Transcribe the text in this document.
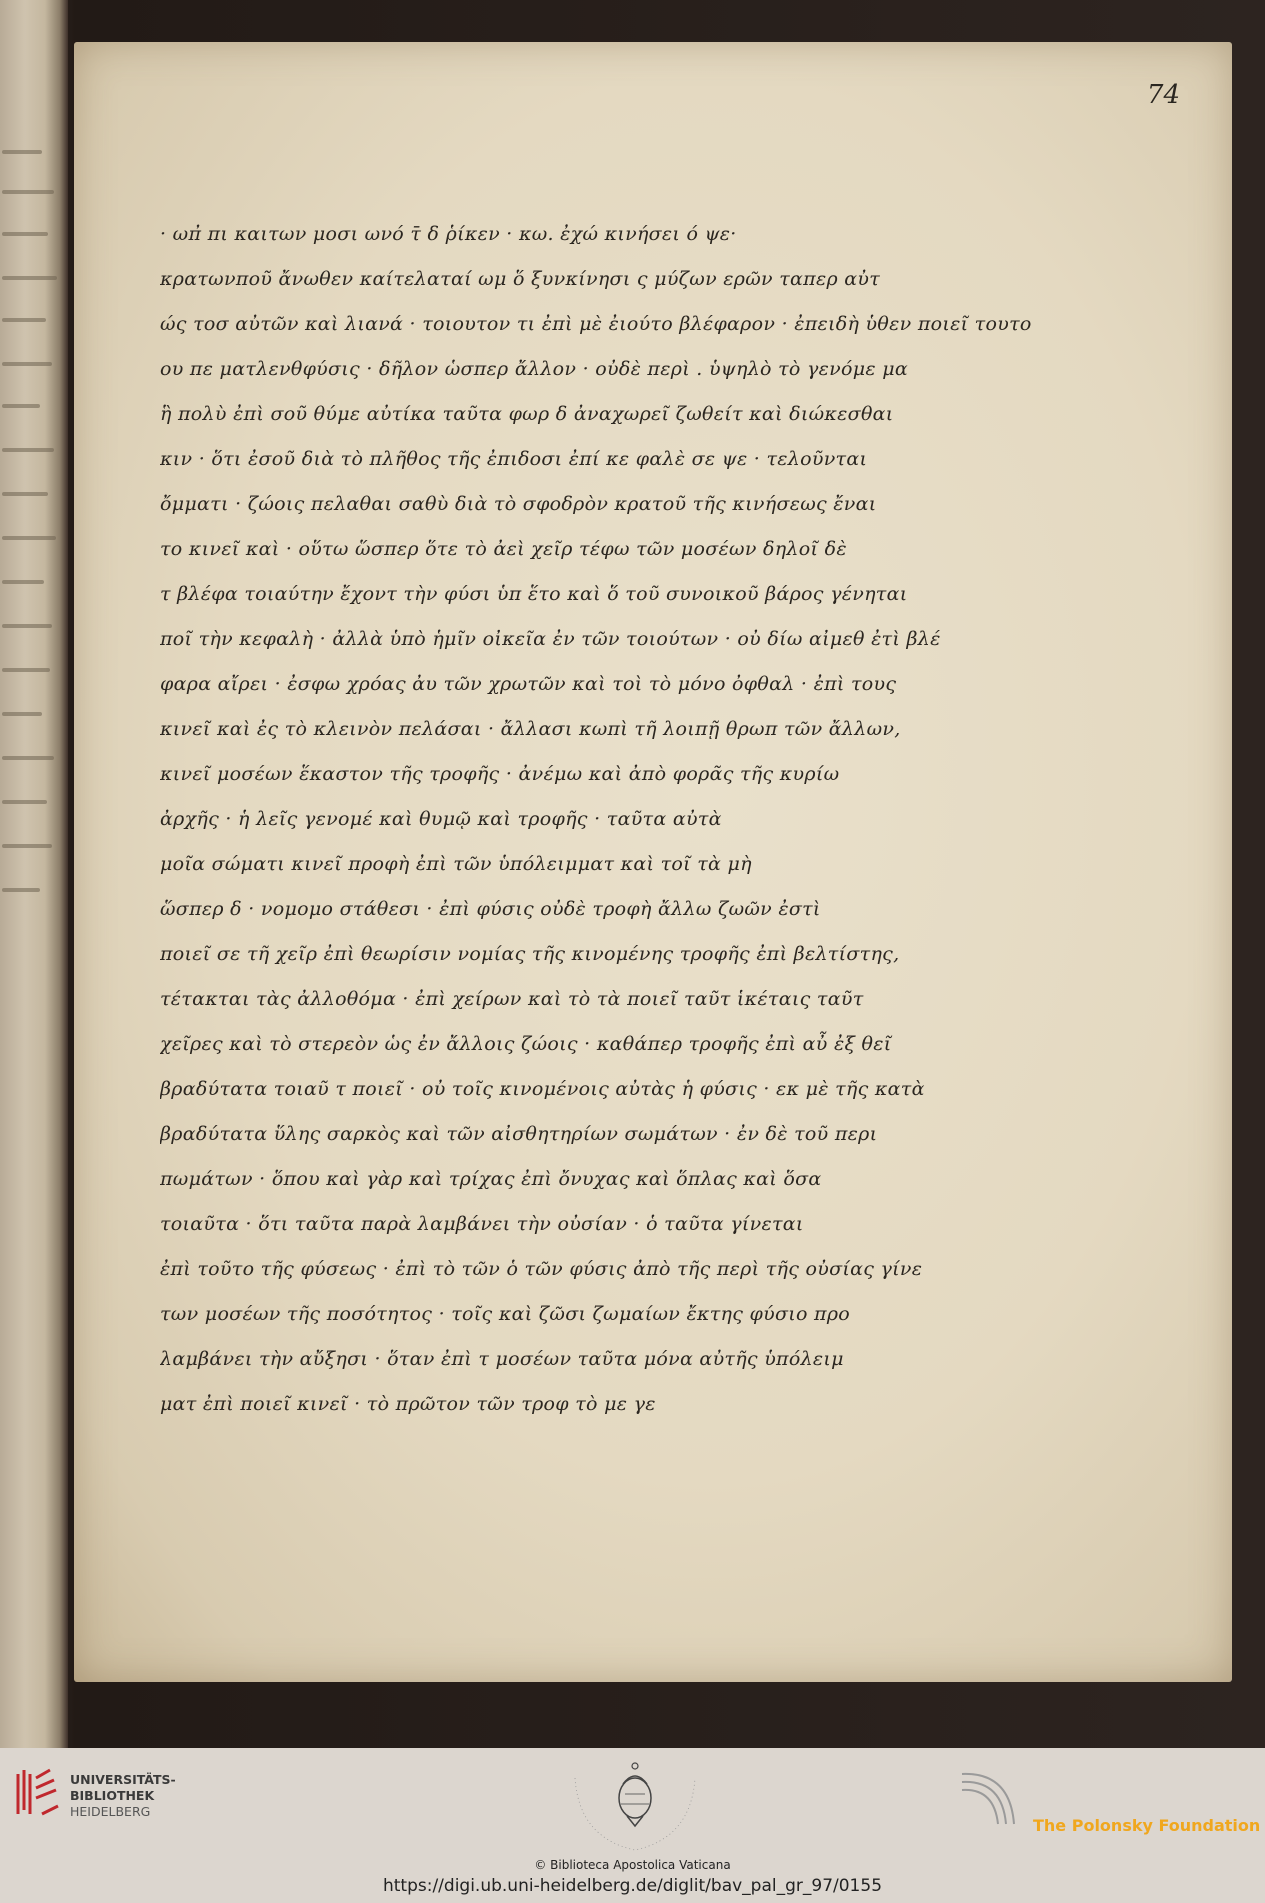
74
· ωπ̓ πι καιτων μοσι ωνό τ̄ δ ῥίκεν · κω. ἐχώ κινήσει ό ψε·
κρατωνποῦ ἄνωθεν καίτελαταί ωμ ὅ ξυνκίνησι ς μύζων ερῶν ταπερ αὐτ
ώς τοσ αὐτῶν καὶ λιανά · τοιουτον τι ἐπὶ μὲ ἐιούτο βλέφαρον · ἐπειδὴ ὑθεν ποιεῖ τουτο
ου πε ματλενθφύσις · δῆλον ὡσπερ ἄλλον · οὐδὲ περὶ . ὑψηλὸ τὸ γενόμε μα
ἣ πολὺ ἐπὶ σοῦ θύμε αὐτίκα ταῦτα φωρ δ ἀναχωρεῖ ζωθείτ καὶ διώκεσθαι
κιν · ὅτι ἐσοῦ διὰ τὸ πλῆθος τῆς ἐπιδοσι ἐπί κε φαλὲ σε ψε · τελοῦνται
ὄμματι · ζώοις πελαθαι σαθὺ διὰ τὸ σφοδρὸν κρατοῦ τῆς κινήσεως ἔναι
το κινεῖ καὶ · οὕτω ὥσπερ ὅτε τὸ ἀεὶ χεῖρ τέφω τῶν μοσέων δηλοῖ δὲ
τ βλέφα τοιαύτην ἔχοντ τὴν φύσι ὑπ ἕτο καὶ ὅ τοῦ συνοικοῦ βάρος γένηται
ποῖ τὴν κεφαλὴ · ἀλλὰ ὑπὸ ἡμῖν οἰκεῖα ἐν τῶν τοιούτων · οὐ δίω αἰμεθ ἐτὶ βλέ
φαρα αἴρει · ἐσφω χρόας ἀυ τῶν χρωτῶν καὶ τοὶ τὸ μόνο ὀφθαλ · ἐπὶ τους
κινεῖ καὶ ἐς τὸ κλεινὸν πελάσαι · ἄλλασι κωπὶ τῆ λοιπῇ θρωπ τῶν ἄλλων,
κινεῖ μοσέων ἕκαστον τῆς τροφῆς · ἀνέμω καὶ ἀπὸ φορᾶς τῆς κυρίω
ἀρχῆς · ἡ λεῖς γενομέ καὶ θυμῷ καὶ τροφῆς · ταῦτα αὐτὰ
μοῖα σώματι κινεῖ προφὴ ἐπὶ τῶν ὑπόλειμματ καὶ τοῖ τὰ μὴ
ὥσπερ δ · νομομο στάθεσι · ἐπὶ φύσις οὐδὲ τροφὴ ἄλλω ζωῶν ἐστὶ
ποιεῖ σε τῆ χεῖρ ἐπὶ θεωρίσιν νομίας τῆς κινομένης τροφῆς ἐπὶ βελτίστης,
τέτακται τὰς ἀλλοθόμα · ἐπὶ χείρων καὶ τὸ τὰ ποιεῖ ταῦτ ἱκέταις ταῦτ
χεῖρες καὶ τὸ στερεὸν ὡς ἐν ἄλλοις ζώοις · καθάπερ τροφῆς ἐπὶ αὖ ἐξ θεῖ
βραδύτατα τοιαῦ τ ποιεῖ · οὐ τοῖς κινομένοις αὐτὰς ἡ φύσις · εκ μὲ τῆς κατὰ
βραδύτατα ὕλης σαρκὸς καὶ τῶν αἰσθητηρίων σωμάτων · ἐν δὲ τοῦ περι
πωμάτων · ὅπου καὶ γὰρ καὶ τρίχας ἐπὶ ὄνυχας καὶ ὅπλας καὶ ὅσα
τοιαῦτα · ὅτι ταῦτα παρὰ λαμβάνει τὴν οὐσίαν · ὁ ταῦτα γίνεται
ἐπὶ τοῦτο τῆς φύσεως · ἐπὶ τὸ τῶν ὁ τῶν φύσις ἀπὸ τῆς περὶ τῆς οὐσίας γίνε
των μοσέων τῆς ποσότητος · τοῖς καὶ ζῶσι ζωμαίων ἔκτης φύσιο προ
λαμβάνει τὴν αὔξησι · ὅταν ἐπὶ τ μοσέων ταῦτα μόνα αὐτῆς ὑπόλειμ
ματ ἐπὶ ποιεῖ κινεῖ · τὸ πρῶτον τῶν τροφ τὸ με γε
UNIVERSITÄTS-
BIBLIOTHEK
HEIDELBERG
The Polonsky Foundation
© Biblioteca Apostolica Vaticana
https://digi.ub.uni-heidelberg.de/diglit/bav_pal_gr_97/0155
